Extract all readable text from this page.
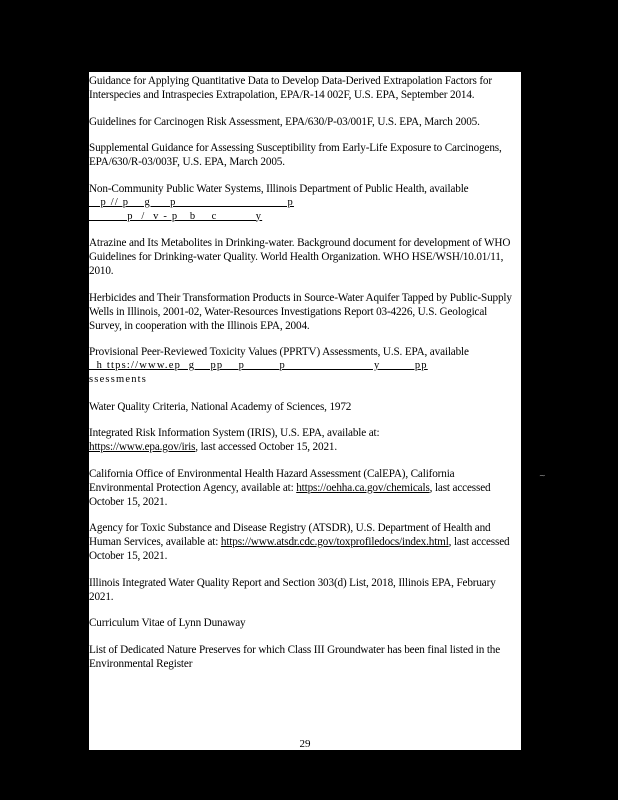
Guidance for Applying Quantitative Data to Develop Data-Derived Extrapolation Factors for Interspecies and Intraspecies Extrapolation, EPA/R-14 002F, U.S. EPA, September 2014.

Guidelines for Carcinogen Risk Assessment, EPA/630/P-03/001F, U.S. EPA, March 2005.

Supplemental Guidance for Assessing Susceptibility from Early-Life Exposure to Carcinogens, EPA/630/R-03/003F, U.S. EPA, March 2005.

Non-Community Public Water Systems, Illinois Department of Public Health, available
p // p    g     p                             p
p  /  v - p   b    c          y

Atrazine and Its Metabolites in Drinking-water. Background document for development of WHO Guidelines for Drinking-water Quality. World Health Organization. WHO HSE/WSH/10.01/11, 2010.

Herbicides and Their Transformation Products in Source-Water Aquifer Tapped by Public-Supply Wells in Illinois, 2001-02, Water-Resources Investigations Report 03-4226, U.S. Geological Survey, in cooperation with the Illinois EPA, 2004.

Provisional Peer-Reviewed Toxicity Values (PPRTV) Assessments, U.S. EPA, available
h ttps://www.ep  g    pp    p         p                       y         pp
ssessments

Water Quality Criteria, National Academy of Sciences, 1972

Integrated Risk Information System (IRIS), U.S. EPA, available at:
https://www.epa.gov/iris, last accessed October 15, 2021.

California Office of Environmental Health Hazard Assessment (CalEPA), California Environmental Protection Agency, available at: https://oehha.ca.gov/chemicals, last accessed October 15, 2021.

Agency for Toxic Substance and Disease Registry (ATSDR), U.S. Department of Health and Human Services, available at: https://www.atsdr.cdc.gov/toxprofiledocs/index.html, last accessed October 15, 2021.

Illinois Integrated Water Quality Report and Section 303(d) List, 2018, Illinois EPA, February 2021.

Curriculum Vitae of Lynn Dunaway

List of Dedicated Nature Preserves for which Class III Groundwater has been final listed in the Environmental Register

29
~
